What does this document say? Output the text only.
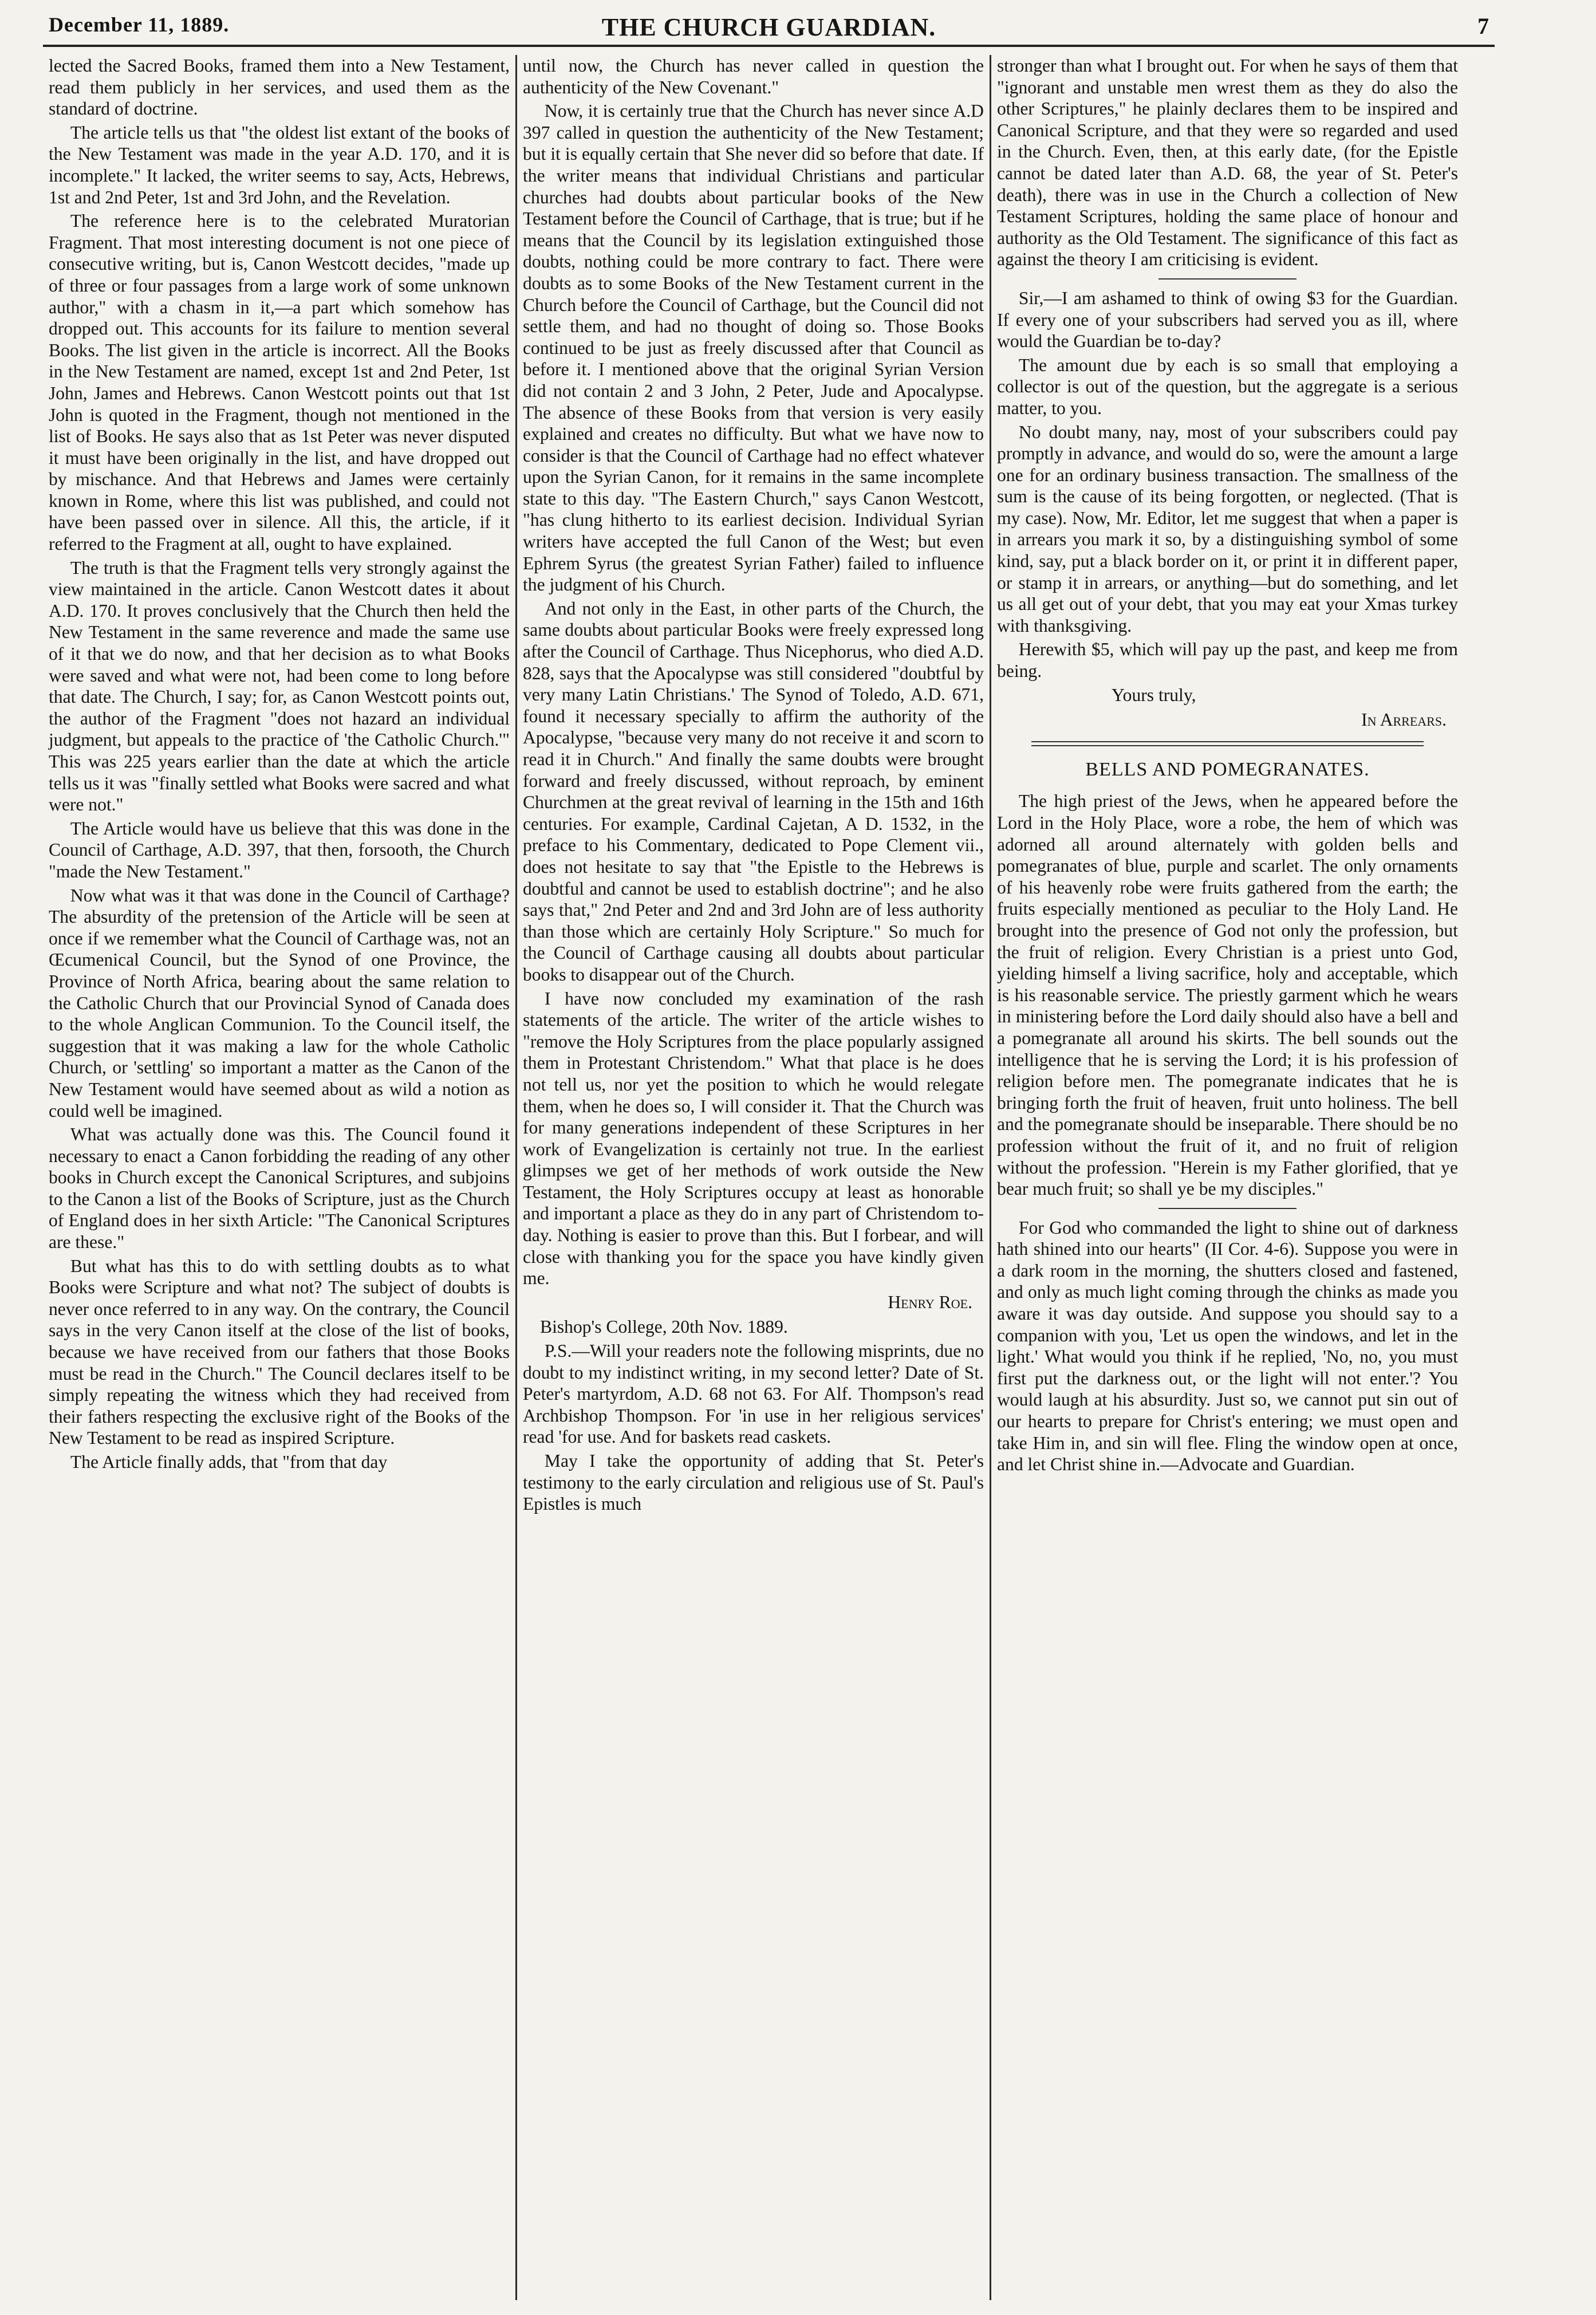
December 11, 1889.	THE CHURCH GUARDIAN.	7

lected the Sacred Books, framed them into a New Testament, read them publicly in her services, and used them as the standard of doctrine.

The article tells us that "the oldest list extant of the books of the New Testament was made in the year A.D. 170, and it is incomplete." It lacked, the writer seems to say, Acts, Hebrews, 1st and 2nd Peter, 1st and 3rd John, and the Revelation.

The reference here is to the celebrated Muratorian Fragment. That most interesting document is not one piece of consecutive writing, but is, Canon Westcott decides, "made up of three or four passages from a large work of some unknown author," with a chasm in it,—a part which somehow has dropped out. This accounts for its failure to mention several Books. The list given in the article is incorrect. All the Books in the New Testament are named, except 1st and 2nd Peter, 1st John, James and Hebrews. Canon Westcott points out that 1st John is quoted in the Fragment, though not mentioned in the list of Books. He says also that as 1st Peter was never disputed it must have been originally in the list, and have dropped out by mischance. And that Hebrews and James were certainly known in Rome, where this list was published, and could not have been passed over in silence. All this, the article, if it referred to the Fragment at all, ought to have explained.

The truth is that the Fragment tells very strongly against the view maintained in the article. Canon Westcott dates it about A.D. 170. It proves conclusively that the Church then held the New Testament in the same reverence and made the same use of it that we do now, and that her decision as to what Books were saved and what were not, had been come to long before that date. The Church, I say; for, as Canon Westcott points out, the author of the Fragment "does not hazard an individual judgment, but appeals to the practice of 'the Catholic Church.'" This was 225 years earlier than the date at which the article tells us it was "finally settled what Books were sacred and what were not."

The Article would have us believe that this was done in the Council of Carthage, A.D. 397, that then, forsooth, the Church "made the New Testament."

Now what was it that was done in the Council of Carthage? The absurdity of the pretension of the Article will be seen at once if we remember what the Council of Carthage was, not an Œcumenical Council, but the Synod of one Province, the Province of North Africa, bearing about the same relation to the Catholic Church that our Provincial Synod of Canada does to the whole Anglican Communion. To the Council itself, the suggestion that it was making a law for the whole Catholic Church, or 'settling' so important a matter as the Canon of the New Testament would have seemed about as wild a notion as could well be imagined.

What was actually done was this. The Council found it necessary to enact a Canon forbidding the reading of any other books in Church except the Canonical Scriptures, and subjoins to the Canon a list of the Books of Scripture, just as the Church of England does in her sixth Article: "The Canonical Scriptures are these."

But what has this to do with settling doubts as to what Books were Scripture and what not? The subject of doubts is never once referred to in any way. On the contrary, the Council says in the very Canon itself at the close of the list of books, because we have received from our fathers that those Books must be read in the Church." The Council declares itself to be simply repeating the witness which they had received from their fathers respecting the exclusive right of the Books of the New Testament to be read as inspired Scripture.

The Article finally adds, that "from that day

until now, the Church has never called in question the authenticity of the New Covenant."

Now, it is certainly true that the Church has never since A.D 397 called in question the authenticity of the New Testament; but it is equally certain that She never did so before that date. If the writer means that individual Christians and particular churches had doubts about particular books of the New Testament before the Council of Carthage, that is true; but if he means that the Council by its legislation extinguished those doubts, nothing could be more contrary to fact. There were doubts as to some Books of the New Testament current in the Church before the Council of Carthage, but the Council did not settle them, and had no thought of doing so. Those Books continued to be just as freely discussed after that Council as before it. I mentioned above that the original Syrian Version did not contain 2 and 3 John, 2 Peter, Jude and Apocalypse. The absence of these Books from that version is very easily explained and creates no difficulty. But what we have now to consider is that the Council of Carthage had no effect whatever upon the Syrian Canon, for it remains in the same incomplete state to this day. "The Eastern Church," says Canon Westcott, "has clung hitherto to its earliest decision. Individual Syrian writers have accepted the full Canon of the West; but even Ephrem Syrus (the greatest Syrian Father) failed to influence the judgment of his Church.

And not only in the East, in other parts of the Church, the same doubts about particular Books were freely expressed long after the Council of Carthage. Thus Nicephorus, who died A.D. 828, says that the Apocalypse was still considered "doubtful by very many Latin Christians.' The Synod of Toledo, A.D. 671, found it necessary specially to affirm the authority of the Apocalypse, "because very many do not receive it and scorn to read it in Church." And finally the same doubts were brought forward and freely discussed, without reproach, by eminent Churchmen at the great revival of learning in the 15th and 16th centuries. For example, Cardinal Cajetan, A D. 1532, in the preface to his Commentary, dedicated to Pope Clement vii., does not hesitate to say that "the Epistle to the Hebrews is doubtful and cannot be used to establish doctrine"; and he also says that," 2nd Peter and 2nd and 3rd John are of less authority than those which are certainly Holy Scripture." So much for the Council of Carthage causing all doubts about particular books to disappear out of the Church.

I have now concluded my examination of the rash statements of the article. The writer of the article wishes to "remove the Holy Scriptures from the place popularly assigned them in Protestant Christendom." What that place is he does not tell us, nor yet the position to which he would relegate them, when he does so, I will consider it. That the Church was for many generations independent of these Scriptures in her work of Evangelization is certainly not true. In the earliest glimpses we get of her methods of work outside the New Testament, the Holy Scriptures occupy at least as honorable and important a place as they do in any part of Christendom to-day. Nothing is easier to prove than this. But I forbear, and will close with thanking you for the space you have kindly given me.

Henry Roe.
Bishop's College, 20th Nov. 1889.

P.S.—Will your readers note the following misprints, due no doubt to my indistinct writing, in my second letter? Date of St. Peter's martyrdom, A.D. 68 not 63. For Alf. Thompson's read Archbishop Thompson. For 'in use in her religious services' read 'for use. And for baskets read caskets.

May I take the opportunity of adding that St. Peter's testimony to the early circulation and religious use of St. Paul's Epistles is much

stronger than what I brought out. For when he says of them that "ignorant and unstable men wrest them as they do also the other Scriptures," he plainly declares them to be inspired and Canonical Scripture, and that they were so regarded and used in the Church. Even, then, at this early date, (for the Epistle cannot be dated later than A.D. 68, the year of St. Peter's death), there was in use in the Church a collection of New Testament Scriptures, holding the same place of honour and authority as the Old Testament. The significance of this fact as against the theory I am criticising is evident.

Sir,—I am ashamed to think of owing $3 for the Guardian. If every one of your subscribers had served you as ill, where would the Guardian be to-day?

The amount due by each is so small that employing a collector is out of the question, but the aggregate is a serious matter, to you.

No doubt many, nay, most of your subscribers could pay promptly in advance, and would do so, were the amount a large one for an ordinary business transaction. The smallness of the sum is the cause of its being forgotten, or neglected. (That is my case). Now, Mr. Editor, let me suggest that when a paper is in arrears you mark it so, by a distinguishing symbol of some kind, say, put a black border on it, or print it in different paper, or stamp it in arrears, or anything—but do something, and let us all get out of your debt, that you may eat your Xmas turkey with thanksgiving.

Herewith $5, which will pay up the past, and keep me from being.

Yours truly,
In Arrears.
BELLS AND POMEGRANATES.

The high priest of the Jews, when he appeared before the Lord in the Holy Place, wore a robe, the hem of which was adorned all around alternately with golden bells and pomegranates of blue, purple and scarlet. The only ornaments of his heavenly robe were fruits gathered from the earth; the fruits especially mentioned as peculiar to the Holy Land. He brought into the presence of God not only the profession, but the fruit of religion. Every Christian is a priest unto God, yielding himself a living sacrifice, holy and acceptable, which is his reasonable service. The priestly garment which he wears in ministering before the Lord daily should also have a bell and a pomegranate all around his skirts. The bell sounds out the intelligence that he is serving the Lord; it is his profession of religion before men. The pomegranate indicates that he is bringing forth the fruit of heaven, fruit unto holiness. The bell and the pomegranate should be inseparable. There should be no profession without the fruit of it, and no fruit of religion without the profession. "Herein is my Father glorified, that ye bear much fruit; so shall ye be my disciples."

For God who commanded the light to shine out of darkness hath shined into our hearts" (II Cor. 4-6). Suppose you were in a dark room in the morning, the shutters closed and fastened, and only as much light coming through the chinks as made you aware it was day outside. And suppose you should say to a companion with you, 'Let us open the windows, and let in the light.' What would you think if he replied, 'No, no, you must first put the darkness out, or the light will not enter.'? You would laugh at his absurdity. Just so, we cannot put sin out of our hearts to prepare for Christ's entering; we must open and take Him in, and sin will flee. Fling the window open at once, and let Christ shine in.—Advocate and Guardian.
